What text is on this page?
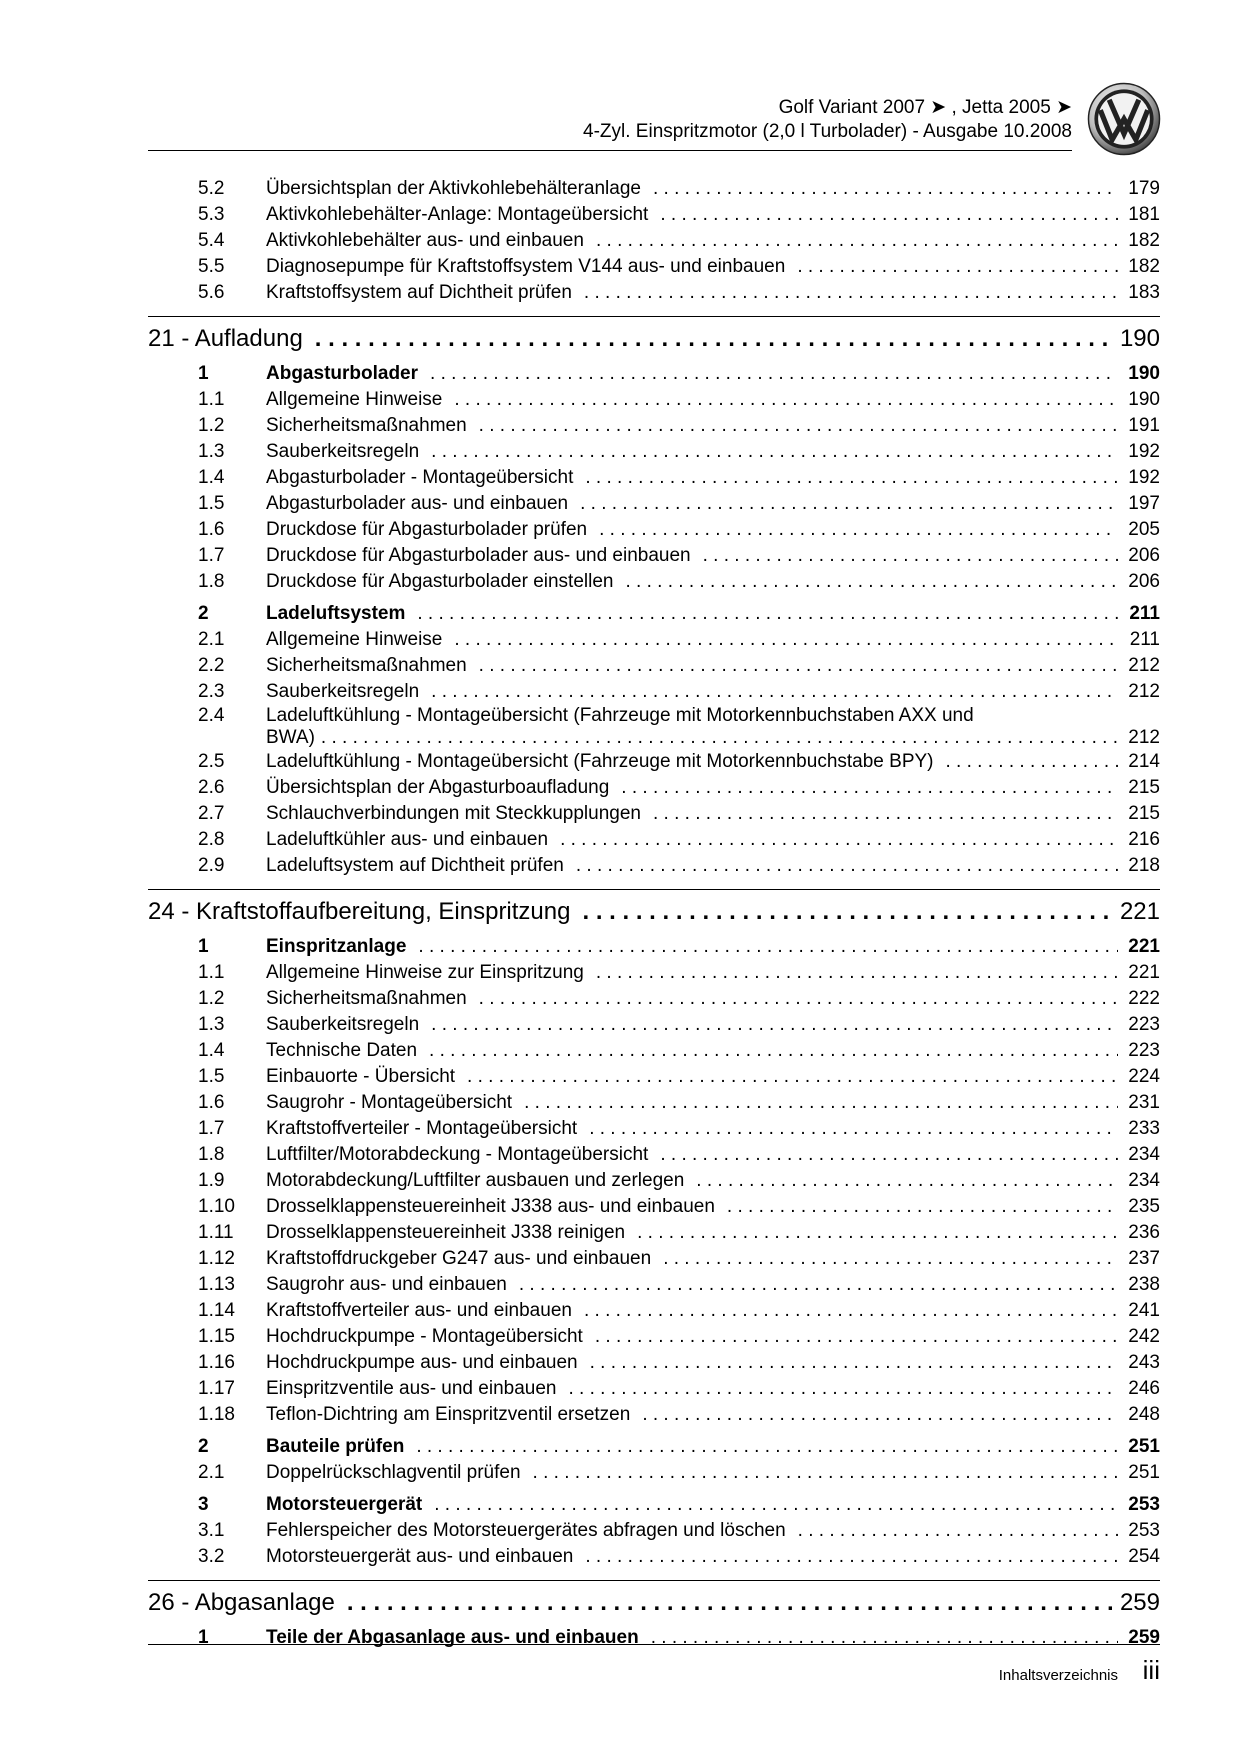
Golf Variant 2007 ➤ , Jetta 2005 ➤
4-Zyl. Einspritzmotor (2,0 l Turbolader) - Ausgabe 10.2008
5.2 Übersichtsplan der Aktivkohlebehälteranlage . . .	179
5.3 Aktivkohlebehälter-Anlage: Montageübersicht . . .	181
5.4 Aktivkohlebehälter aus- und einbauen . . .	182
5.5 Diagnosepumpe für Kraftstoffsystem V144 aus- und einbauen . . .	182
5.6 Kraftstoffsystem auf Dichtheit prüfen . . .	183
21 - Aufladung . . .	190
1	Abgasturbolader . . .	190
1.1 Allgemeine Hinweise . . .	190
1.2 Sicherheitsmaßnahmen . . .	191
1.3 Sauberkeitsregeln . . .	192
1.4 Abgasturbolader - Montageübersicht . . .	192
1.5 Abgasturbolader aus- und einbauen . . .	197
1.6 Druckdose für Abgasturbolader prüfen . . .	205
1.7 Druckdose für Abgasturbolader aus- und einbauen . . .	206
1.8 Druckdose für Abgasturbolader einstellen . . .	206
2	Ladeluftsystem . . .	211
2.1 Allgemeine Hinweise . . .	211
2.2 Sicherheitsmaßnahmen . . .	212
2.3 Sauberkeitsregeln . . .	212
2.4 Ladeluftkühlung - Montageübersicht (Fahrzeuge mit Motorkennbuchstaben AXX und
BWA) . . .	212
2.5 Ladeluftkühlung - Montageübersicht (Fahrzeuge mit Motorkennbuchstabe BPY) . . .	214
2.6 Übersichtsplan der Abgasturboaufladung . . .	215
2.7 Schlauchverbindungen mit Steckkupplungen . . .	215
2.8 Ladeluftkühler aus- und einbauen . . .	216
2.9 Ladeluftsystem auf Dichtheit prüfen . . .	218
24 - Kraftstoffaufbereitung, Einspritzung . . .	221
1	Einspritzanlage . . .	221
1.1 Allgemeine Hinweise zur Einspritzung . . .	221
1.2 Sicherheitsmaßnahmen . . .	222
1.3 Sauberkeitsregeln . . .	223
1.4 Technische Daten . . .	223
1.5 Einbauorte - Übersicht . . .	224
1.6 Saugrohr - Montageübersicht . . .	231
1.7 Kraftstoffverteiler - Montageübersicht . . .	233
1.8 Luftfilter/Motorabdeckung - Montageübersicht . . .	234
1.9 Motorabdeckung/Luftfilter ausbauen und zerlegen . . .	234
1.10 Drosselklappensteuereinheit J338 aus- und einbauen . . .	235
1.11 Drosselklappensteuereinheit J338 reinigen . . .	236
1.12 Kraftstoffdruckgeber G247 aus- und einbauen . . .	237
1.13 Saugrohr aus- und einbauen . . .	238
1.14 Kraftstoffverteiler aus- und einbauen . . .	241
1.15 Hochdruckpumpe - Montageübersicht . . .	242
1.16 Hochdruckpumpe aus- und einbauen . . .	243
1.17 Einspritzventile aus- und einbauen . . .	246
1.18 Teflon-Dichtring am Einspritzventil ersetzen . . .	248
2	Bauteile prüfen . . .	251
2.1 Doppelrückschlagventil prüfen . . .	251
3	Motorsteuergerät . . .	253
3.1 Fehlerspeicher des Motorsteuergerätes abfragen und löschen . . .	253
3.2 Motorsteuergerät aus- und einbauen . . .	254
26 - Abgasanlage . . .	259
1	Teile der Abgasanlage aus- und einbauen . . .	259
Inhaltsverzeichnis iii
